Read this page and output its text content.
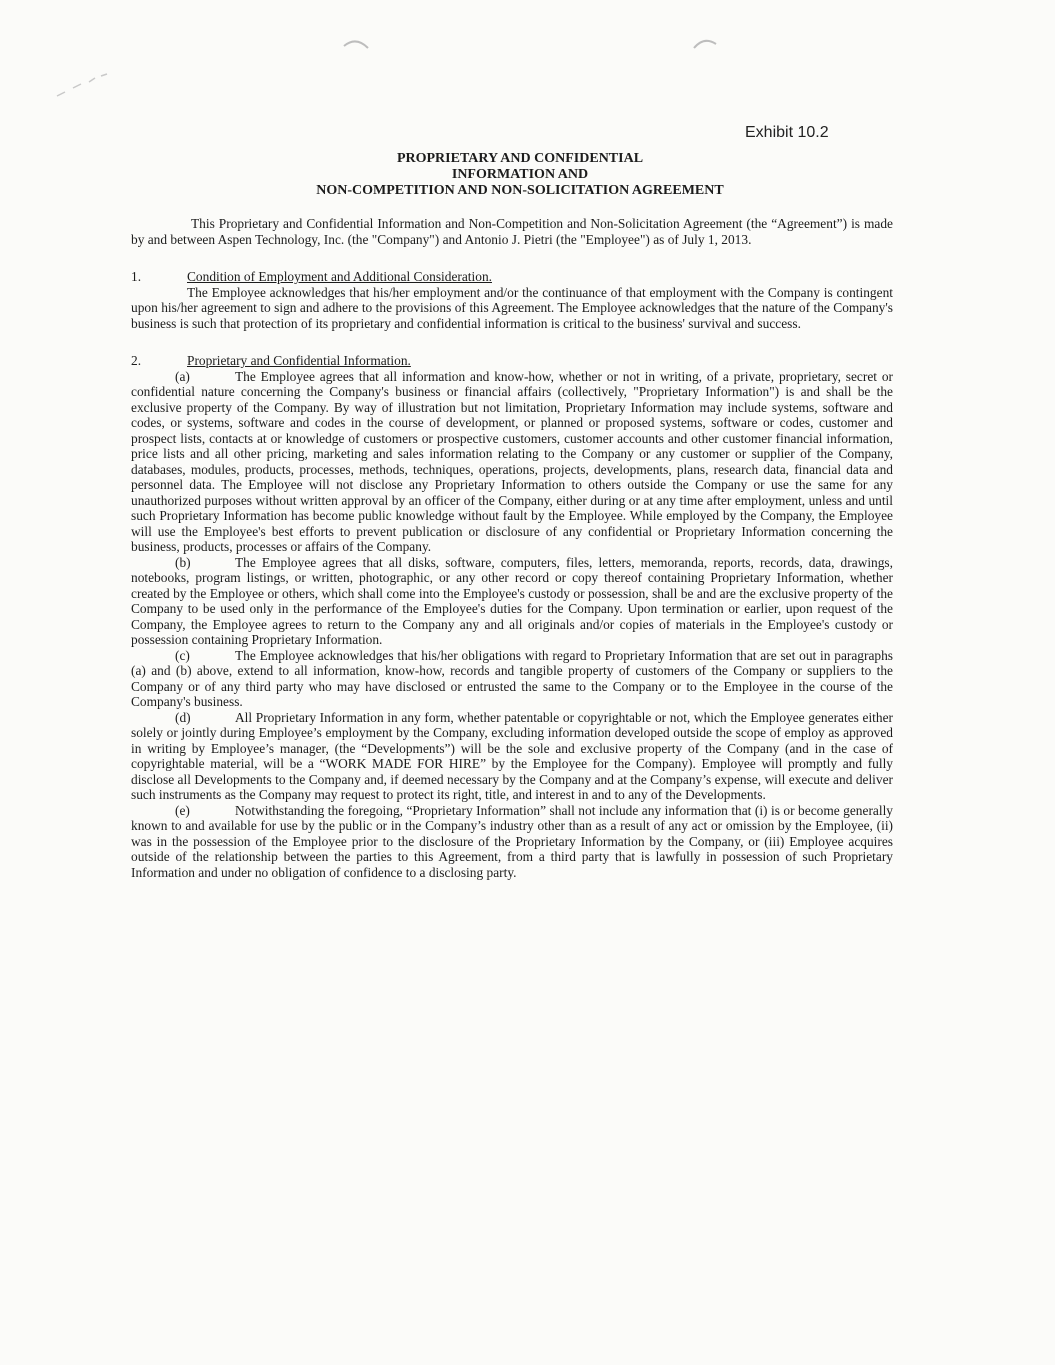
Exhibit 10.2
PROPRIETARY AND CONFIDENTIAL
INFORMATION AND
NON-COMPETITION AND NON-SOLICITATION AGREEMENT

This Proprietary and Confidential Information and Non-Competition and Non-Solicitation Agreement (the “Agreement”) is made by and between Aspen Technology, Inc. (the "Company") and Antonio J. Pietri (the "Employee") as of July 1, 2013.

1.	Condition of Employment and Additional Consideration.

The Employee acknowledges that his/her employment and/or the continuance of that employment with the Company is contingent upon his/her agreement to sign and adhere to the provisions of this Agreement. The Employee acknowledges that the nature of the Company's business is such that protection of its proprietary and confidential information is critical to the business' survival and success.

2.	Proprietary and Confidential Information.

(a)	The Employee agrees that all information and know-how, whether or not in writing, of a private, proprietary, secret or confidential nature concerning the Company's business or financial affairs (collectively, "Proprietary Information") is and shall be the exclusive property of the Company. By way of illustration but not limitation, Proprietary Information may include systems, software and codes, or systems, software and codes in the course of development, or planned or proposed systems, software or codes, customer and prospect lists, contacts at or knowledge of customers or prospective customers, customer accounts and other customer financial information, price lists and all other pricing, marketing and sales information relating to the Company or any customer or supplier of the Company, databases, modules, products, processes, methods, techniques, operations, projects, developments, plans, research data, financial data and personnel data. The Employee will not disclose any Proprietary Information to others outside the Company or use the same for any unauthorized purposes without written approval by an officer of the Company, either during or at any time after employment, unless and until such Proprietary Information has become public knowledge without fault by the Employee. While employed by the Company, the Employee will use the Employee's best efforts to prevent publication or disclosure of any confidential or Proprietary Information concerning the business, products, processes or affairs of the Company.

(b)	The Employee agrees that all disks, software, computers, files, letters, memoranda, reports, records, data, drawings, notebooks, program listings, or written, photographic, or any other record or copy thereof containing Proprietary Information, whether created by the Employee or others, which shall come into the Employee's custody or possession, shall be and are the exclusive property of the Company to be used only in the performance of the Employee's duties for the Company. Upon termination or earlier, upon request of the Company, the Employee agrees to return to the Company any and all originals and/or copies of materials in the Employee's custody or possession containing Proprietary Information.

(c)	The Employee acknowledges that his/her obligations with regard to Proprietary Information that are set out in paragraphs (a) and (b) above, extend to all information, know-how, records and tangible property of customers of the Company or suppliers to the Company or of any third party who may have disclosed or entrusted the same to the Company or to the Employee in the course of the Company's business.

(d)	All Proprietary Information in any form, whether patentable or copyrightable or not, which the Employee generates either solely or jointly during Employee’s employment by the Company, excluding information developed outside the scope of employ as approved in writing by Employee’s manager, (the “Developments”) will be the sole and exclusive property of the Company (and in the case of copyrightable material, will be a “WORK MADE FOR HIRE” by the Employee for the Company). Employee will promptly and fully disclose all Developments to the Company and, if deemed necessary by the Company and at the Company’s expense, will execute and deliver such instruments as the Company may request to protect its right, title, and interest in and to any of the Developments.

(e)	Notwithstanding the foregoing, “Proprietary Information” shall not include any information that (i) is or become generally known to and available for use by the public or in the Company’s industry other than as a result of any act or omission by the Employee, (ii) was in the possession of the Employee prior to the disclosure of the Proprietary Information by the Company, or (iii) Employee acquires outside of the relationship between the parties to this Agreement, from a third party that is lawfully in possession of such Proprietary Information and under no obligation of confidence to a disclosing party.
